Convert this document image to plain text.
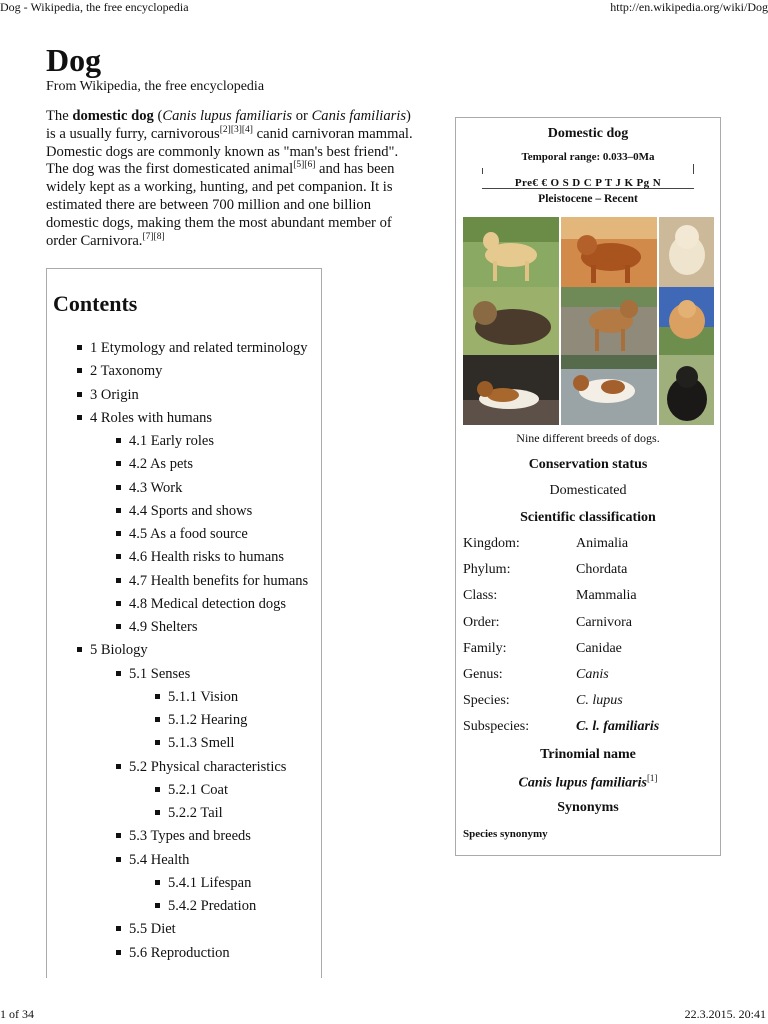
Dog - Wikipedia, the free encyclopedia	http://en.wikipedia.org/wiki/Dog
1 of 34	22.3.2015. 20:41
Dog
From Wikipedia, the free encyclopedia
The domestic dog (Canis lupus familiaris or Canis familiaris) is a usually furry, carnivorous[2][3][4] canid carnivoran mammal. Domestic dogs are commonly known as "man's best friend". The dog was the first domesticated animal[5][6] and has been widely kept as a working, hunting, and pet companion. It is estimated there are between 700 million and one billion domestic dogs, making them the most abundant member of order Carnivora.[7][8]
Contents
1 Etymology and related terminology
2 Taxonomy
3 Origin
4 Roles with humans
4.1 Early roles
4.2 As pets
4.3 Work
4.4 Sports and shows
4.5 As a food source
4.6 Health risks to humans
4.7 Health benefits for humans
4.8 Medical detection dogs
4.9 Shelters
5 Biology
5.1 Senses
5.1.1 Vision
5.1.2 Hearing
5.1.3 Smell
5.2 Physical characteristics
5.2.1 Coat
5.2.2 Tail
5.3 Types and breeds
5.4 Health
5.4.1 Lifespan
5.4.2 Predation
5.5 Diet
5.6 Reproduction
Domestic dog
Temporal range: 0.033–0Ma
Pre€ € O S D C P T J K Pg N
Pleistocene – Recent
Nine different breeds of dogs.
Conservation status
Domesticated
Scientific classification
Trinomial name
Canis lupus familiaris[1]
Synonyms
Species synonymy
Kingdom:	Animalia
Phylum:	Chordata
Class:	Mammalia
Order:	Carnivora
Family:	Canidae
Genus:	Canis
Species:	C. lupus
Subspecies:	C. l. familiaris
